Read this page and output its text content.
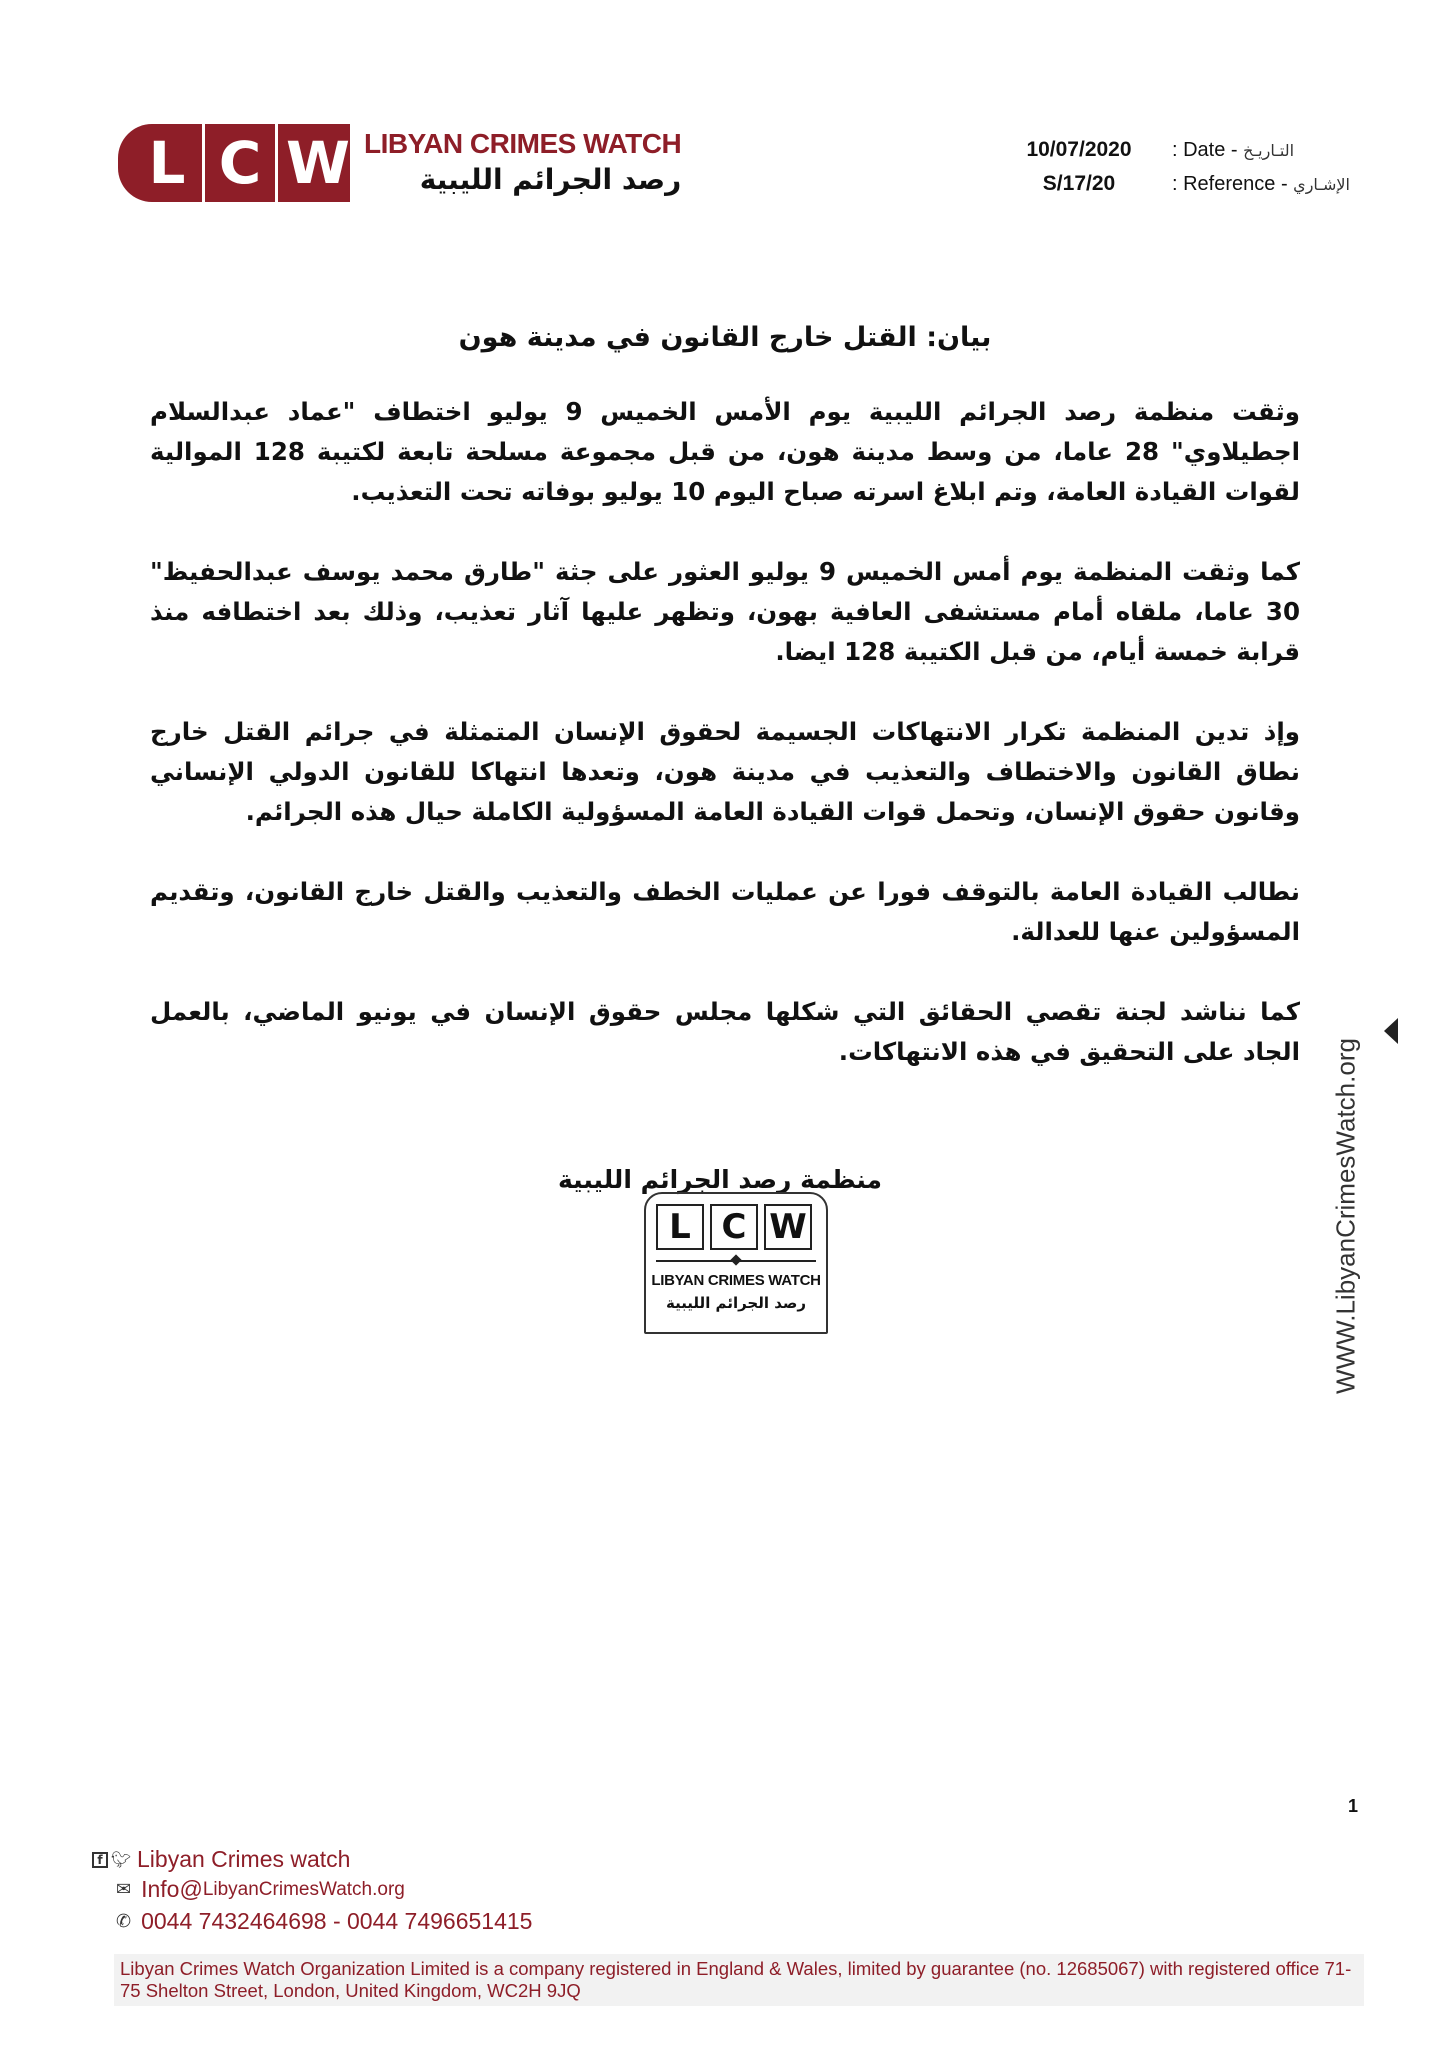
L C W LIBYAN CRIMES WATCH
رصد الجرائم الليبية
10/07/2020	: Date - التـاريـخ
S/17/20	: Reference - الإشـاري
بيان: القتل خارج القانون في مدينة هون

وثقت منظمة رصد الجرائم الليبية يوم الأمس الخميس 9 يوليو اختطاف "عماد عبدالسلام اجطيلاوي" 28 عاما، من وسط مدينة هون، من قبل مجموعة مسلحة تابعة لكتيبة 128 الموالية لقوات القيادة العامة، وتم ابلاغ اسرته صباح اليوم 10 يوليو بوفاته تحت التعذيب.

كما وثقت المنظمة يوم أمس الخميس 9 يوليو العثور على جثة "طارق محمد يوسف عبدالحفيظ" 30 عاما، ملقاه أمام مستشفى العافية بهون، وتظهر عليها آثار تعذيب، وذلك بعد اختطافه منذ قرابة خمسة أيام، من قبل الكتيبة 128 ايضا.

وإذ تدين المنظمة تكرار الانتهاكات الجسيمة لحقوق الإنسان المتمثلة في جرائم القتل خارج نطاق القانون والاختطاف والتعذيب في مدينة هون، وتعدها انتهاكا للقانون الدولي الإنساني وقانون حقوق الإنسان، وتحمل قوات القيادة العامة المسؤولية الكاملة حيال هذه الجرائم.

نطالب القيادة العامة بالتوقف فورا عن عمليات الخطف والتعذيب والقتل خارج القانون، وتقديم المسؤولين عنها للعدالة.

كما نناشد لجنة تقصي الحقائق التي شكلها مجلس حقوق الإنسان في يونيو الماضي، بالعمل الجاد على التحقيق في هذه الانتهاكات.

منظمة رصد الجرائم الليبية
L C W
LIBYAN CRIMES WATCH
رصد الجرائم الليبية	WWW.LibyanCrimesWatch.org
1
f 🐦︎ Libyan Crimes watch
✉ Info@ LibyanCrimesWatch.org
✆ 0044 7432464698 - 0044 7496651415
Libyan Crimes Watch Organization Limited is a company registered in England & Wales, limited by guarantee (no. 12685067) with registered office 71-75 Shelton Street, London, United Kingdom, WC2H 9JQ
